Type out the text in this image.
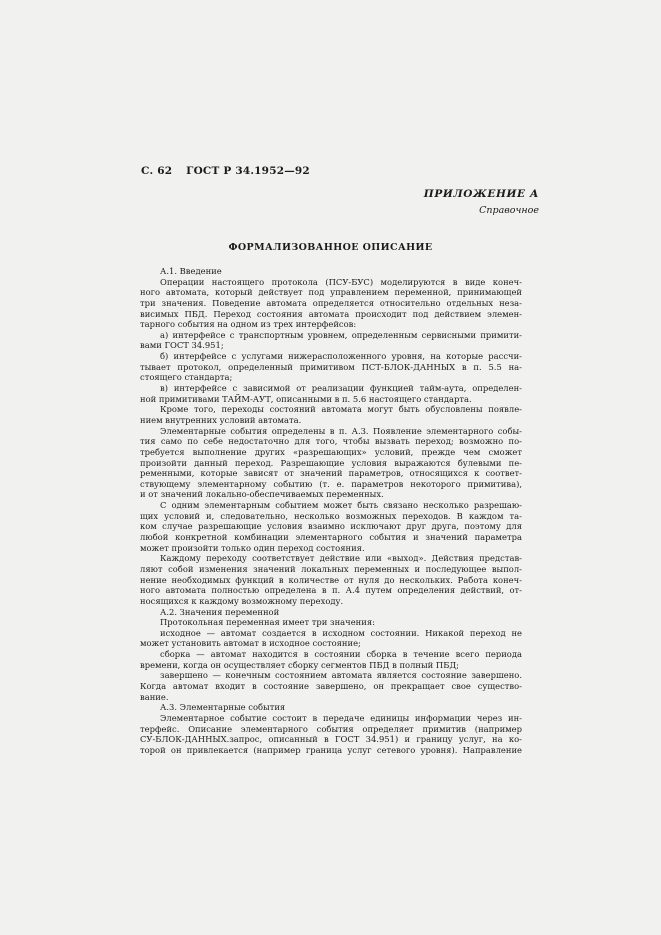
С. 62 ГОСТ Р 34.1952—92
ПРИЛОЖЕНИЕ А
Справочное
ФОРМАЛИЗОВАННОЕ ОПИСАНИЕ
А.1. Введение
Операции настоящего протокола (ПСУ-БУС) моделируются в виде конеч-
ного автомата, который действует под управлением переменной, принимающей
три значения. Поведение автомата определяется относительно отдельных неза-
висимых ПБД. Переход состояния автомата происходит под действием элемен-
тарного события на одном из трех интерфейсов:
а) интерфейсе с транспортным уровнем, определенным сервисными примити-
вами ГОСТ 34.951;
б) интерфейсе с услугами нижерасположенного уровня, на которые рассчи-
тывает протокол, определенный примитивом ПСТ-БЛОК-ДАННЫХ в п. 5.5 на-
стоящего стандарта;
в) интерфейсе с зависимой от реализации функцией тайм-аута, определен-
ной примитивами ТАЙМ-АУТ, описанными в п. 5.6 настоящего стандарта.
Кроме того, переходы состояний автомата могут быть обусловлены появле-
нием внутренних условий автомата.
Элементарные события определены в п. А.3. Появление элементарного собы-
тия само по себе недостаточно для того, чтобы вызвать переход; возможно по-
требуется выполнение других «разрешающих» условий, прежде чем сможет
произойти данный переход. Разрешающие условия выражаются булевыми пе-
ременными, которые зависят от значений параметров, относящихся к соответ-
ствующему элементарному событию (т. е. параметров некоторого примитива),
и от значений локально-обеспечиваемых переменных.
С одним элементарным событием может быть связано несколько разрешаю-
щих условий и, следовательно, несколько возможных переходов. В каждом та-
ком случае разрешающие условия взаимно исключают друг друга, поэтому для
любой конкретной комбинации элементарного события и значений параметра
может произойти только один переход состояния.
Каждому переходу соответствует действие или «выход». Действия представ-
ляют собой изменения значений локальных переменных и последующее выпол-
нение необходимых функций в количестве от нуля до нескольких. Работа конеч-
ного автомата полностью определена в п. А.4 путем определения действий, от-
носящихся к каждому возможному переходу.
А.2. Значения переменной
Протокольная переменная имеет три значения:
исходное — автомат создается в исходном состоянии. Никакой переход не
может установить автомат в исходное состояние;
сборка — автомат находится в состоянии сборка в течение всего периода
времени, когда он осуществляет сборку сегментов ПБД в полный ПБД;
завершено — конечным состоянием автомата является состояние завершено.
Когда автомат входит в состояние завершено, он прекращает свое существо-
вание.
А.3. Элементарные события
Элементарное событие состоит в передаче единицы информации через ин-
терфейс. Описание элементарного события определяет примитив (например
СУ-БЛОК-ДАННЫХ.запрос, описанный в ГОСТ 34.951) и границу услуг, на ко-
торой он привлекается (например граница услуг сетевого уровня). Направление
